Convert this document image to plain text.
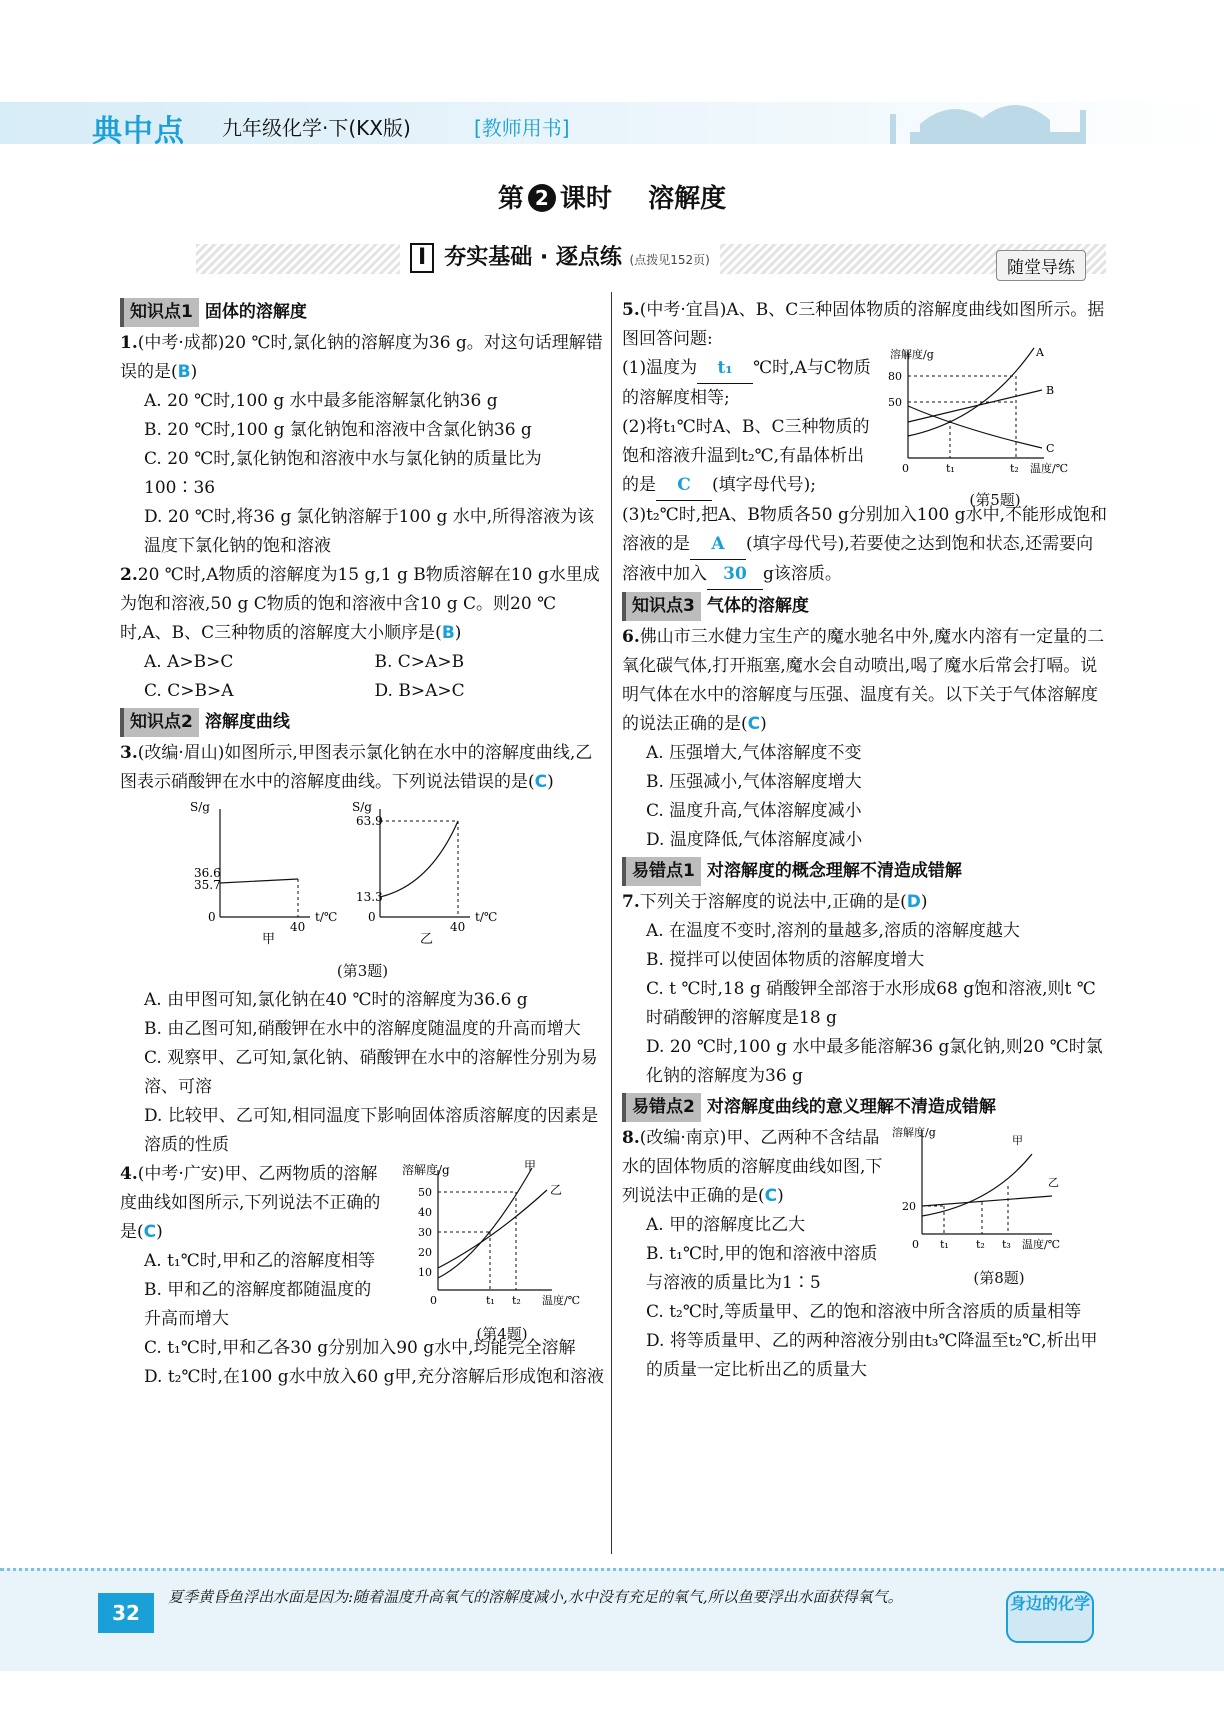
典中点 九年级化学·下(KX版)	[教师用书]
第 2 课时 溶解度
I 夯实基础 · 逐点练 (点拨见152页)	随堂导练
知识点1 固体的溶解度
1.(中考·成都)20 ℃时,氯化钠的溶解度为36 g。对这句话理解错误的是(B)
A. 20 ℃时,100 g 水中最多能溶解氯化钠36 g
B. 20 ℃时,100 g 氯化钠饱和溶液中含氯化钠36 g
C. 20 ℃时,氯化钠饱和溶液中水与氯化钠的质量比为100∶36
D. 20 ℃时,将36 g 氯化钠溶解于100 g 水中,所得溶液为该温度下氯化钠的饱和溶液
2.20 ℃时,A物质的溶解度为15 g,1 g B物质溶解在10 g水里成为饱和溶液,50 g C物质的饱和溶液中含10 g C。则20 ℃时,A、B、C三种物质的溶解度大小顺序是(B)
A. A>B>C	B. C>A>B
C. C>B>A	D. B>A>C
知识点2 溶解度曲线
3.(改编·眉山)如图所示,甲图表示氯化钠在水中的溶解度曲线,乙图表示硝酸钾在水中的溶解度曲线。下列说法错误的是(C)
S/g
t/℃
36.6
35.7
0
40
甲
S/g
t/℃
63.9
13.3
0
40
乙
(第3题)
A. 由甲图可知,氯化钠在40 ℃时的溶解度为36.6 g
B. 由乙图可知,硝酸钾在水中的溶解度随温度的升高而增大
C. 观察甲、乙可知,氯化钠、硝酸钾在水中的溶解性分别为易溶、可溶
D. 比较甲、乙可知,相同温度下影响固体溶质溶解度的因素是溶质的性质
4.(中考·广安)甲、乙两物质的溶解度曲线如图所示,下列说法不正确的是(C)
A. t₁℃时,甲和乙的溶解度相等
B. 甲和乙的溶解度都随温度的升高而增大
溶解度/g
50
40
30
20
10
0	t₁ t₂ 温度/℃
甲
乙
(第4题)
C. t₁℃时,甲和乙各30 g分别加入90 g水中,均能完全溶解
D. t₂℃时,在100 g水中放入60 g甲,充分溶解后形成饱和溶液
5.(中考·宜昌)A、B、C三种固体物质的溶解度曲线如图所示。据图回答问题:
(1)温度为 t₁ ℃时,A与C物质的溶解度相等;
(2)将t₁℃时A、B、C三种物质的饱和溶液升温到t₂℃,有晶体析出的是 C (填字母代号);
溶解度/g
80
50
0	t₁	t₂ 温度/℃
A
B
C
(第5题)
(3)t₂℃时,把A、B物质各50 g分别加入100 g水中,不能形成饱和溶液的是 A (填字母代号),若要使之达到饱和状态,还需要向溶液中加入 30 g该溶质。
知识点3 气体的溶解度
6.佛山市三水健力宝生产的魔水驰名中外,魔水内溶有一定量的二氧化碳气体,打开瓶塞,魔水会自动喷出,喝了魔水后常会打嗝。说明气体在水中的溶解度与压强、温度有关。以下关于气体溶解度的说法正确的是(C)
A. 压强增大,气体溶解度不变
B. 压强减小,气体溶解度增大
C. 温度升高,气体溶解度减小
D. 温度降低,气体溶解度减小
易错点1 对溶解度的概念理解不清造成错解
7.下列关于溶解度的说法中,正确的是(D)
A. 在温度不变时,溶剂的量越多,溶质的溶解度越大
B. 搅拌可以使固体物质的溶解度增大
C. t ℃时,18 g 硝酸钾全部溶于水形成68 g饱和溶液,则t ℃时硝酸钾的溶解度是18 g
D. 20 ℃时,100 g 水中最多能溶解36 g氯化钠,则20 ℃时氯化钠的溶解度为36 g
易错点2 对溶解度曲线的意义理解不清造成错解
8.(改编·南京)甲、乙两种不含结晶水的固体物质的溶解度曲线如图,下列说法中正确的是(C)
A. 甲的溶解度比乙大
B. t₁℃时,甲的饱和溶液中溶质与溶液的质量比为1∶5
溶解度/g
20
0 t₁ t₂ t₃ 温度/℃
甲
乙
(第8题)
C. t₂℃时,等质量甲、乙的饱和溶液中所含溶质的质量相等
D. 将等质量甲、乙的两种溶液分别由t₃℃降温至t₂℃,析出甲的质量一定比析出乙的质量大
32
夏季黄昏鱼浮出水面是因为:随着温度升高氧气的溶解度减小,水中没有充足的氧气,所以鱼要浮出水面获得氧气。	身边的化学
